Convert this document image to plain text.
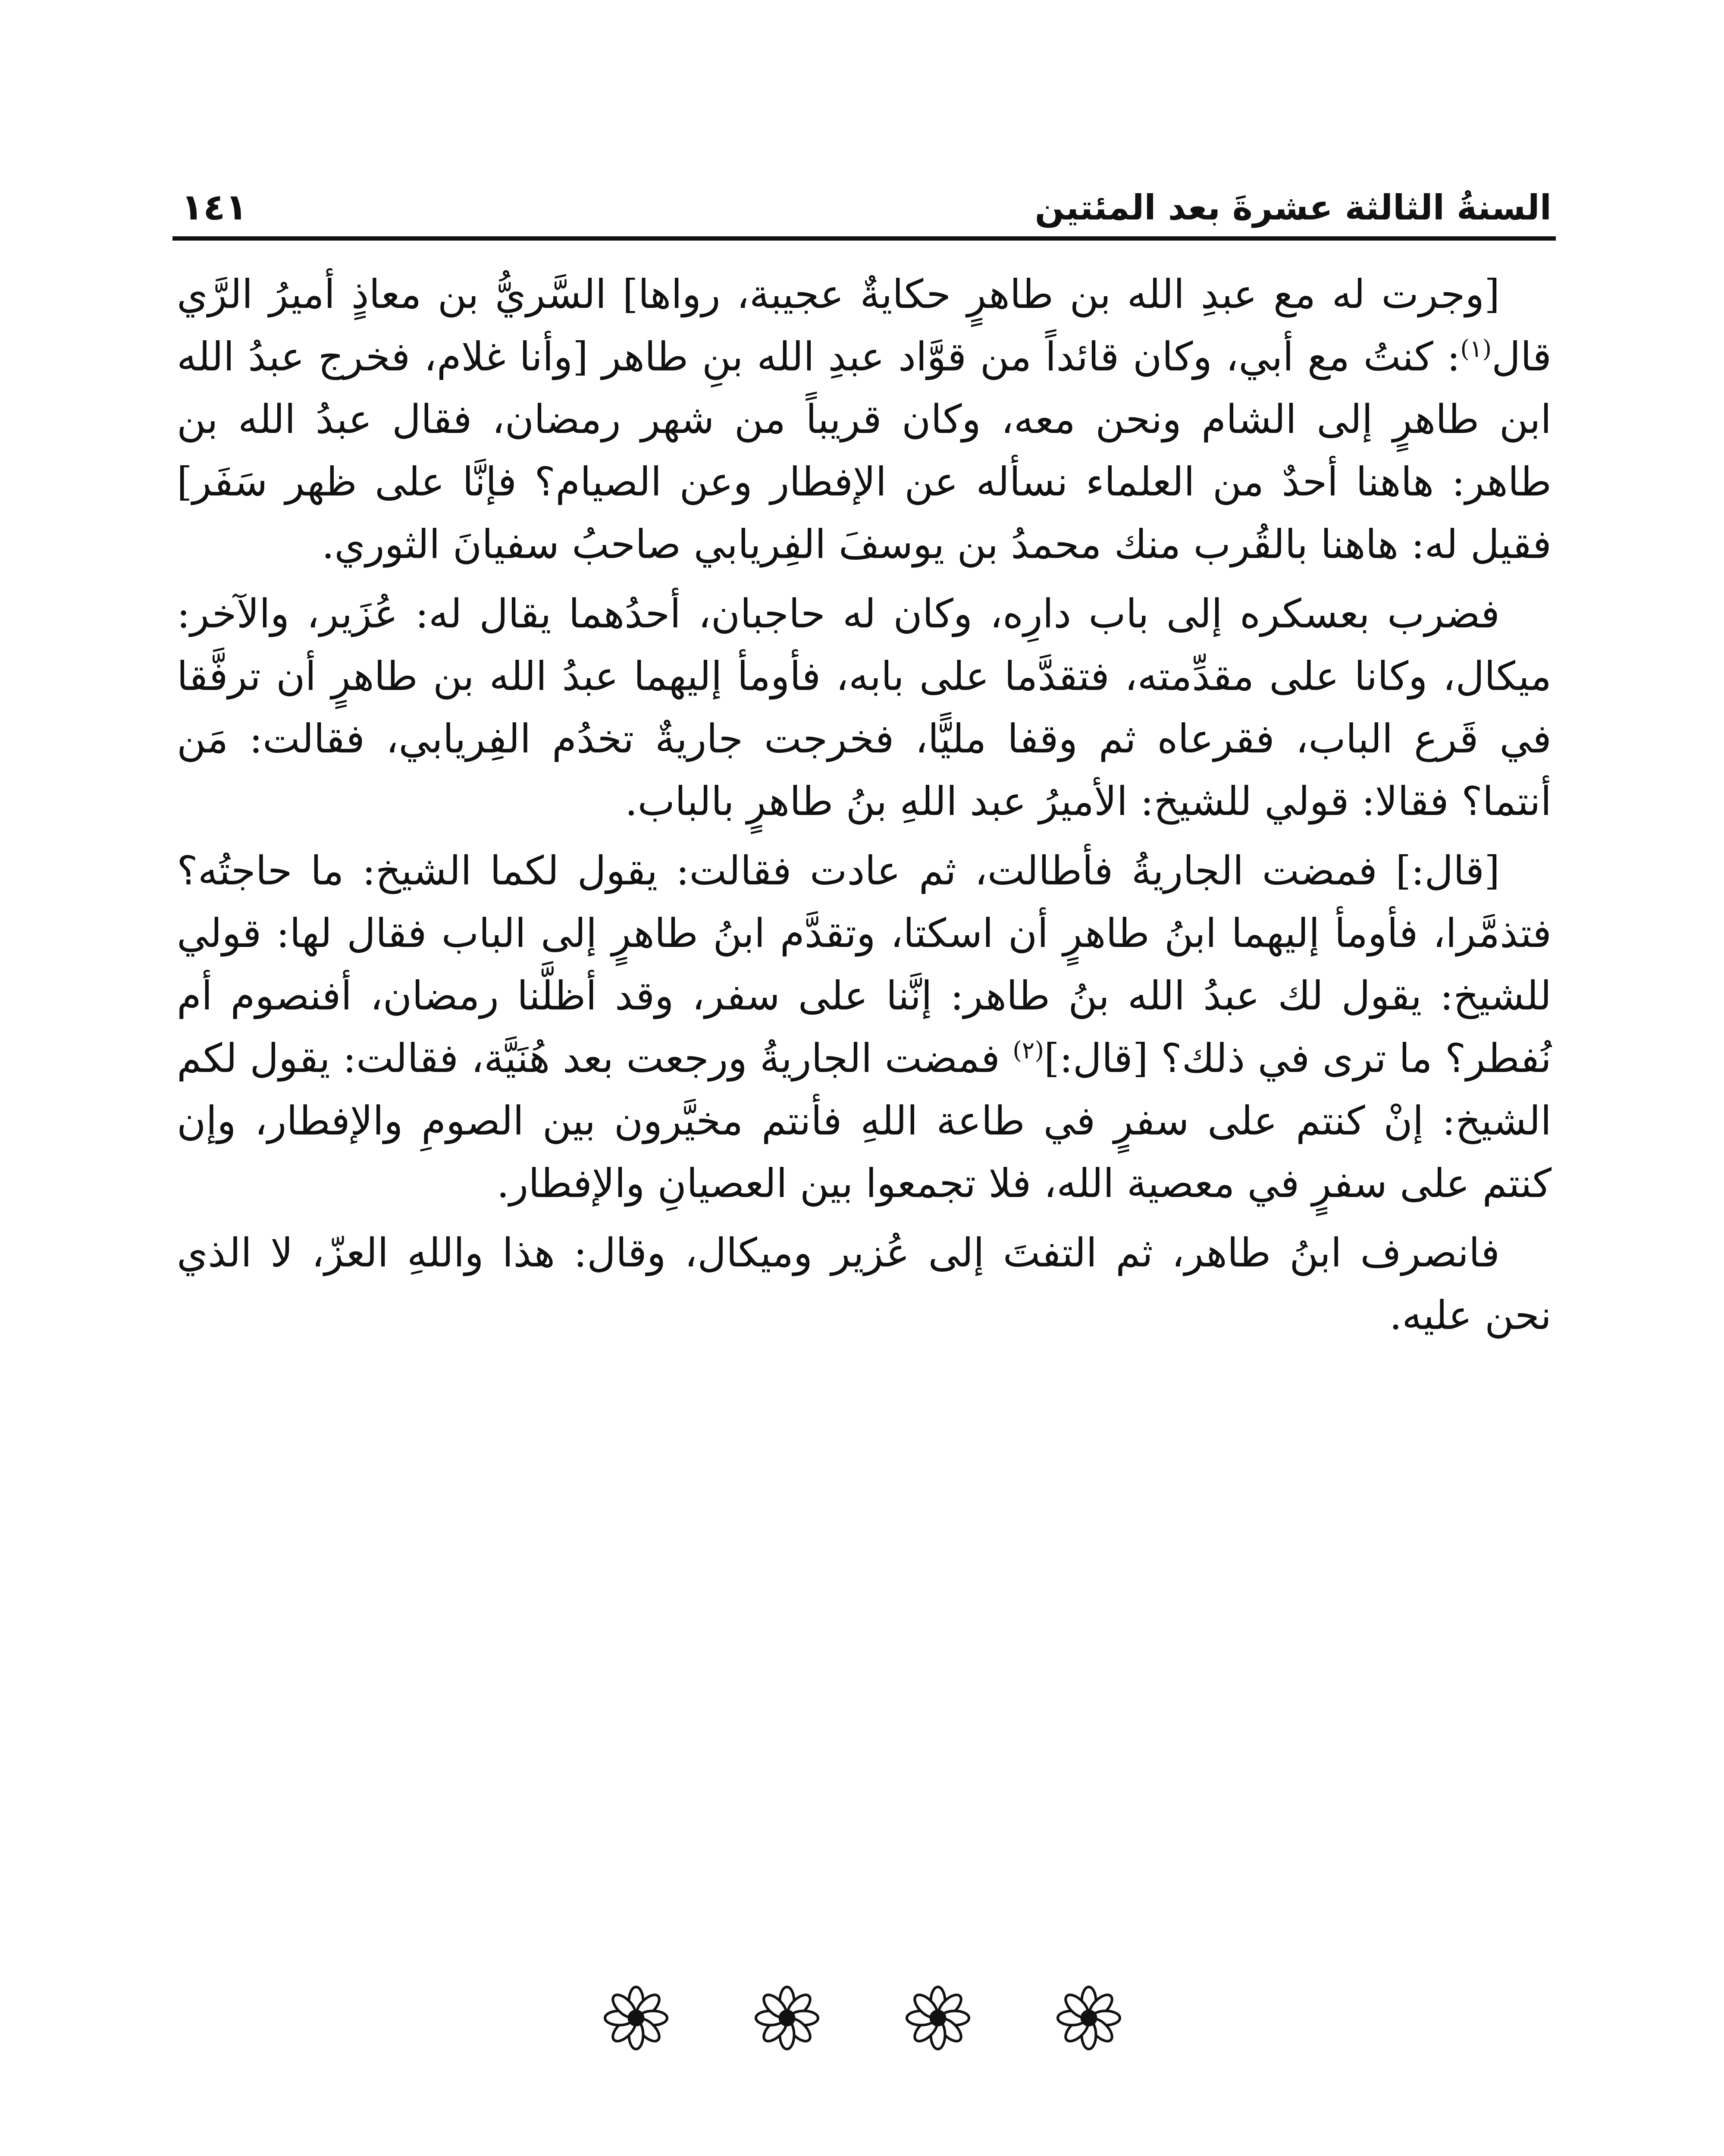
السنةُ الثالثة عشرةَ بعد المئتين
١٤١

[وجرت له مع عبدِ الله بن طاهرٍ حكايةٌ عجيبة، رواها] السَّريُّ بن معاذٍ أميرُ الرَّي قال$^{(١)}$: كنتُ مع أبي، وكان قائداً من قوَّاد عبدِ الله بنِ طاهر [وأنا غلام، فخرج عبدُ الله ابن طاهرٍ إلى الشام ونحن معه، وكان قريباً من شهر رمضان، فقال عبدُ الله بن طاهر: هاهنا أحدٌ من العلماء نسأله عن الإفطار وعن الصيام؟ فإنَّا على ظهر سَفَر] فقيل له: هاهنا بالقُرب منك محمدُ بن يوسفَ الفِريابي صاحبُ سفيانَ الثوري.

فضرب بعسكره إلى باب دارِه، وكان له حاجبان، أحدُهما يقال له: عُزَير، والآخر: ميكال، وكانا على مقدِّمته، فتقدَّما على بابه، فأومأ إليهما عبدُ الله بن طاهرٍ أن ترفَّقا في قَرع الباب، فقرعاه ثم وقفا مليًّا، فخرجت جاريةٌ تخدُم الفِريابي، فقالت: مَن أنتما؟ فقالا: قولي للشيخ: الأميرُ عبد اللهِ بنُ طاهرٍ بالباب.

[قال:] فمضت الجاريةُ فأطالت، ثم عادت فقالت: يقول لكما الشيخ: ما حاجتُه؟ فتذمَّرا، فأومأ إليهما ابنُ طاهرٍ أن اسكتا، وتقدَّم ابنُ طاهرٍ إلى الباب فقال لها: قولي للشيخ: يقول لك عبدُ الله بنُ طاهر: إنَّنا على سفر، وقد أظلَّنا رمضان، أفنصوم أم نُفطر؟ ما ترى في ذلك؟ [قال:]$^{(٢)}$ فمضت الجاريةُ ورجعت بعد هُنَيَّة، فقالت: يقول لكم الشيخ: إنْ كنتم على سفرٍ في طاعة اللهِ فأنتم مخيَّرون بين الصومِ والإفطار، وإن كنتم على سفرٍ في معصية الله، فلا تجمعوا بين العصيانِ والإفطار.

فانصرف ابنُ طاهر، ثم التفتَ إلى عُزير وميكال، وقال: هذا واللهِ العزّ، لا الذي نحن عليه.
